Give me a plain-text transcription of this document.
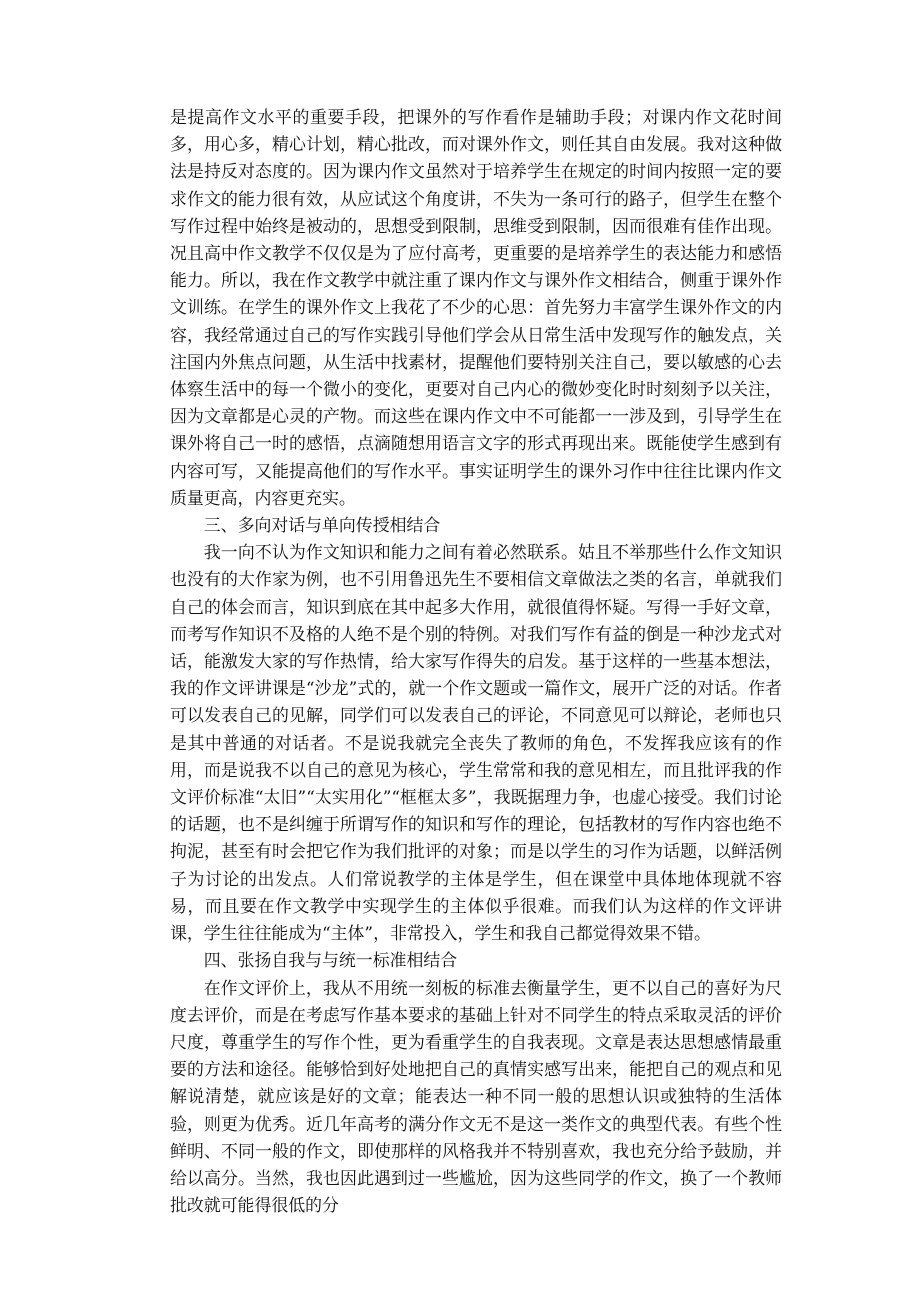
是提高作文水平的重要手段，把课外的写作看作是辅助手段；对课内作文花时间多，用心多，精心计划，精心批改，而对课外作文，则任其自由发展。我对这种做法是持反对态度的。因为课内作文虽然对于培养学生在规定的时间内按照一定的要求作文的能力很有效，从应试这个角度讲，不失为一条可行的路子，但学生在整个写作过程中始终是被动的，思想受到限制，思维受到限制，因而很难有佳作出现。况且高中作文教学不仅仅是为了应付高考，更重要的是培养学生的表达能力和感悟能力。所以，我在作文教学中就注重了课内作文与课外作文相结合，侧重于课外作文训练。在学生的课外作文上我花了不少的心思：首先努力丰富学生课外作文的内容，我经常通过自己的写作实践引导他们学会从日常生活中发现写作的触发点，关注国内外焦点问题，从生活中找素材，提醒他们要特别关注自己，要以敏感的心去体察生活中的每一个微小的变化，更要对自己内心的微妙变化时时刻刻予以关注，因为文章都是心灵的产物。而这些在课内作文中不可能都一一涉及到，引导学生在课外将自己一时的感悟，点滴随想用语言文字的形式再现出来。既能使学生感到有内容可写，又能提高他们的写作水平。事实证明学生的课外习作中往往比课内作文质量更高，内容更充实。

三、多向对话与单向传授相结合

我一向不认为作文知识和能力之间有着必然联系。姑且不举那些什么作文知识也没有的大作家为例，也不引用鲁迅先生不要相信文章做法之类的名言，单就我们自己的体会而言，知识到底在其中起多大作用，就很值得怀疑。写得一手好文章，而考写作知识不及格的人绝不是个别的特例。对我们写作有益的倒是一种沙龙式对话，能激发大家的写作热情，给大家写作得失的启发。基于这样的一些基本想法，我的作文评讲课是“沙龙”式的，就一个作文题或一篇作文，展开广泛的对话。作者可以发表自己的见解，同学们可以发表自己的评论，不同意见可以辩论，老师也只是其中普通的对话者。不是说我就完全丧失了教师的角色，不发挥我应该有的作用，而是说我不以自己的意见为核心，学生常常和我的意见相左，而且批评我的作文评价标准“太旧”“太实用化”“框框太多”，我既据理力争，也虚心接受。我们讨论的话题，也不是纠缠于所谓写作的知识和写作的理论，包括教材的写作内容也绝不拘泥，甚至有时会把它作为我们批评的对象；而是以学生的习作为话题，以鲜活例子为讨论的出发点。人们常说教学的主体是学生，但在课堂中具体地体现就不容易，而且要在作文教学中实现学生的主体似乎很难。而我们认为这样的作文评讲课，学生往往能成为“主体”，非常投入，学生和我自己都觉得效果不错。

四、张扬自我与与统一标准相结合

在作文评价上，我从不用统一刻板的标准去衡量学生，更不以自己的喜好为尺度去评价，而是在考虑写作基本要求的基础上针对不同学生的特点采取灵活的评价尺度，尊重学生的写作个性，更为看重学生的自我表现。文章是表达思想感情最重要的方法和途径。能够恰到好处地把自己的真情实感写出来，能把自己的观点和见解说清楚，就应该是好的文章；能表达一种不同一般的思想认识或独特的生活体验，则更为优秀。近几年高考的满分作文无不是这一类作文的典型代表。有些个性鲜明、不同一般的作文，即使那样的风格我并不特别喜欢，我也充分给予鼓励，并给以高分。当然，我也因此遇到过一些尴尬，因为这些同学的作文，换了一个教师批改就可能得很低的分
